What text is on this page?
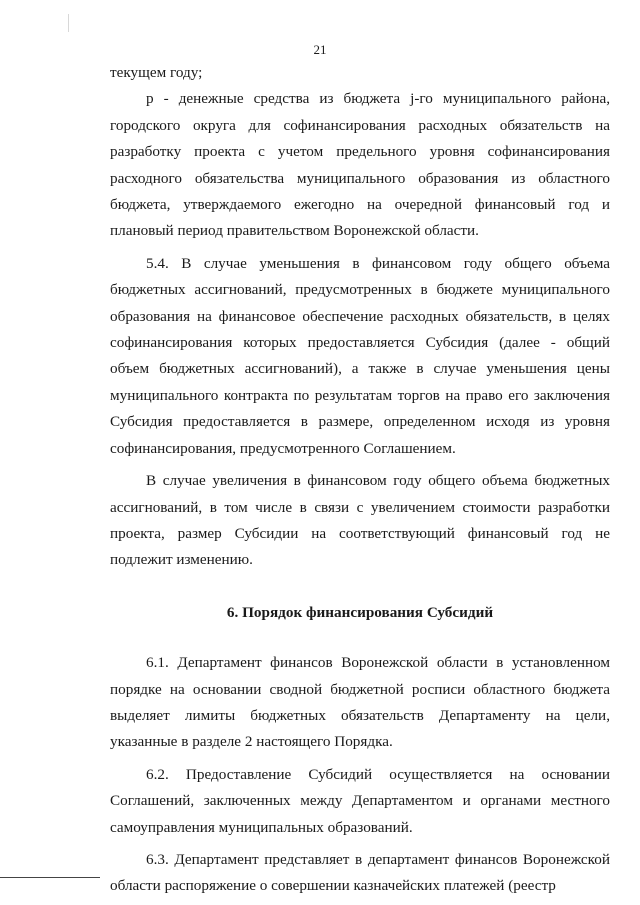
21

текущем году;

p - денежные средства из бюджета j-го муниципального района, городского округа для софинансирования расходных обязательств на разработку проекта с учетом предельного уровня софинансирования расходного обязательства муниципального образования из областного бюджета, утверждаемого ежегодно на очередной финансовый год и плановый период правительством Воронежской области.

5.4. В случае уменьшения в финансовом году общего объема бюджетных ассигнований, предусмотренных в бюджете муниципального образования на финансовое обеспечение расходных обязательств, в целях софинансирования которых предоставляется Субсидия (далее - общий объем бюджетных ассигнований), а также в случае уменьшения цены муниципального контракта по результатам торгов на право его заключения Субсидия предоставляется в размере, определенном исходя из уровня софинансирования, предусмотренного Соглашением.

В случае увеличения в финансовом году общего объема бюджетных ассигнований, в том числе в связи с увеличением стоимости разработки проекта, размер Субсидии на соответствующий финансовый год не подлежит изменению.

6. Порядок финансирования Субсидий

6.1. Департамент финансов Воронежской области в установленном порядке на основании сводной бюджетной росписи областного бюджета выделяет лимиты бюджетных обязательств Департаменту на цели, указанные в разделе 2 настоящего Порядка.

6.2. Предоставление Субсидий осуществляется на основании Соглашений, заключенных между Департаментом и органами местного самоуправления муниципальных образований.

6.3. Департамент представляет в департамент финансов Воронежской области распоряжение о совершении казначейских платежей (реестр
